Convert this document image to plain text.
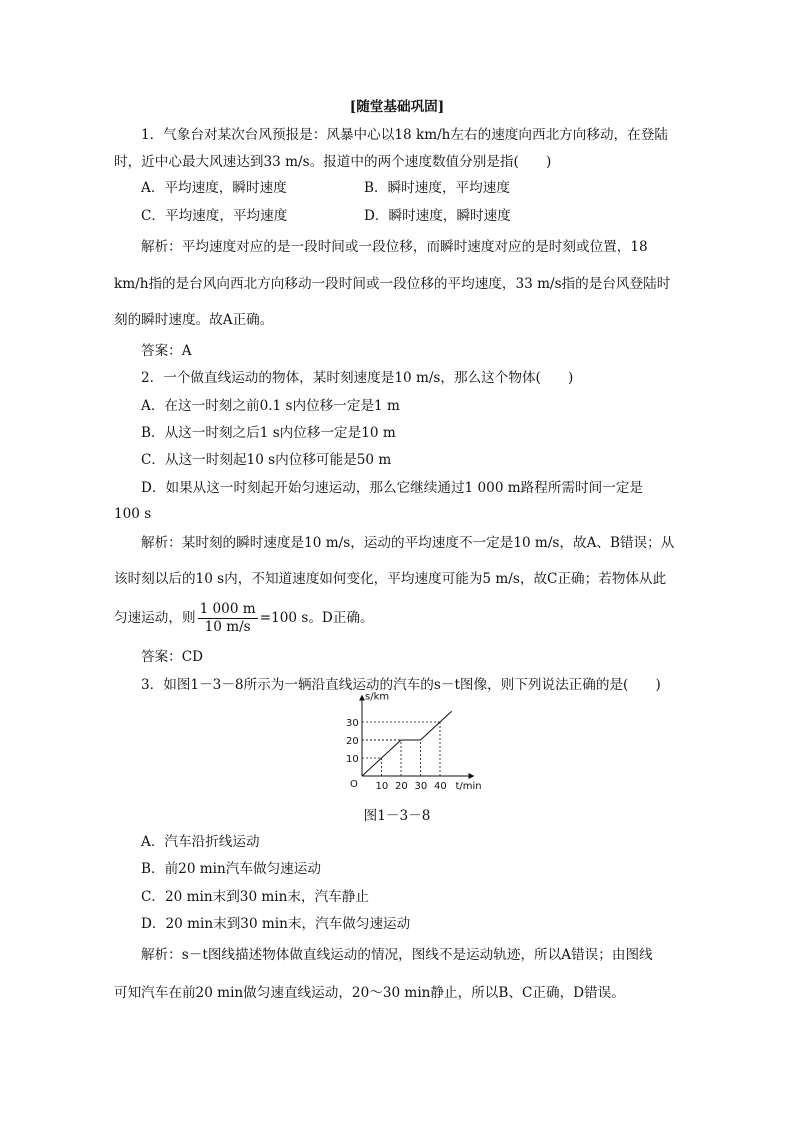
[随堂基础巩固]
1．气象台对某次台风预报是：风暴中心以18 km/h左右的速度向西北方向移动，在登陆
时，近中心最大风速达到33 m/s。报道中的两个速度数值分别是指(　　)
A．平均速度，瞬时速度	B．瞬时速度，平均速度
C．平均速度，平均速度	D．瞬时速度，瞬时速度
解析：平均速度对应的是一段时间或一段位移，而瞬时速度对应的是时刻或位置，18
km/h指的是台风向西北方向移动一段时间或一段位移的平均速度，33 m/s指的是台风登陆时
刻的瞬时速度。故A正确。
答案：A
2．一个做直线运动的物体，某时刻速度是10 m/s，那么这个物体(　　)
A．在这一时刻之前0.1 s内位移一定是1 m
B．从这一时刻之后1 s内位移一定是10 m
C．从这一时刻起10 s内位移可能是50 m
D．如果从这一时刻起开始匀速运动，那么它继续通过1 000 m路程所需时间一定是
100 s
解析：某时刻的瞬时速度是10 m/s，运动的平均速度不一定是10 m/s，故A、B错误；从
该时刻以后的10 s内，不知道速度如何变化，平均速度可能为5 m/s，故C正确；若物体从此
匀速运动，则 $\frac{1 000 m}{10 m/s} =100$ s。D正确。
答案：CD
3．如图1－3－8所示为一辆沿直线运动的汽车的s－t图像，则下列说法正确的是(　　)
s/km
t/min
O
10
20
30
10 20 30 40
图1－3－8
A．汽车沿折线运动
B．前20 min汽车做匀速运动
C．20 min末到30 min末，汽车静止
D．20 min末到30 min末，汽车做匀速运动
解析：s－t图线描述物体做直线运动的情况，图线不是运动轨迹，所以A错误；由图线
可知汽车在前20 min做匀速直线运动，20～30 min静止，所以B、C正确，D错误。
